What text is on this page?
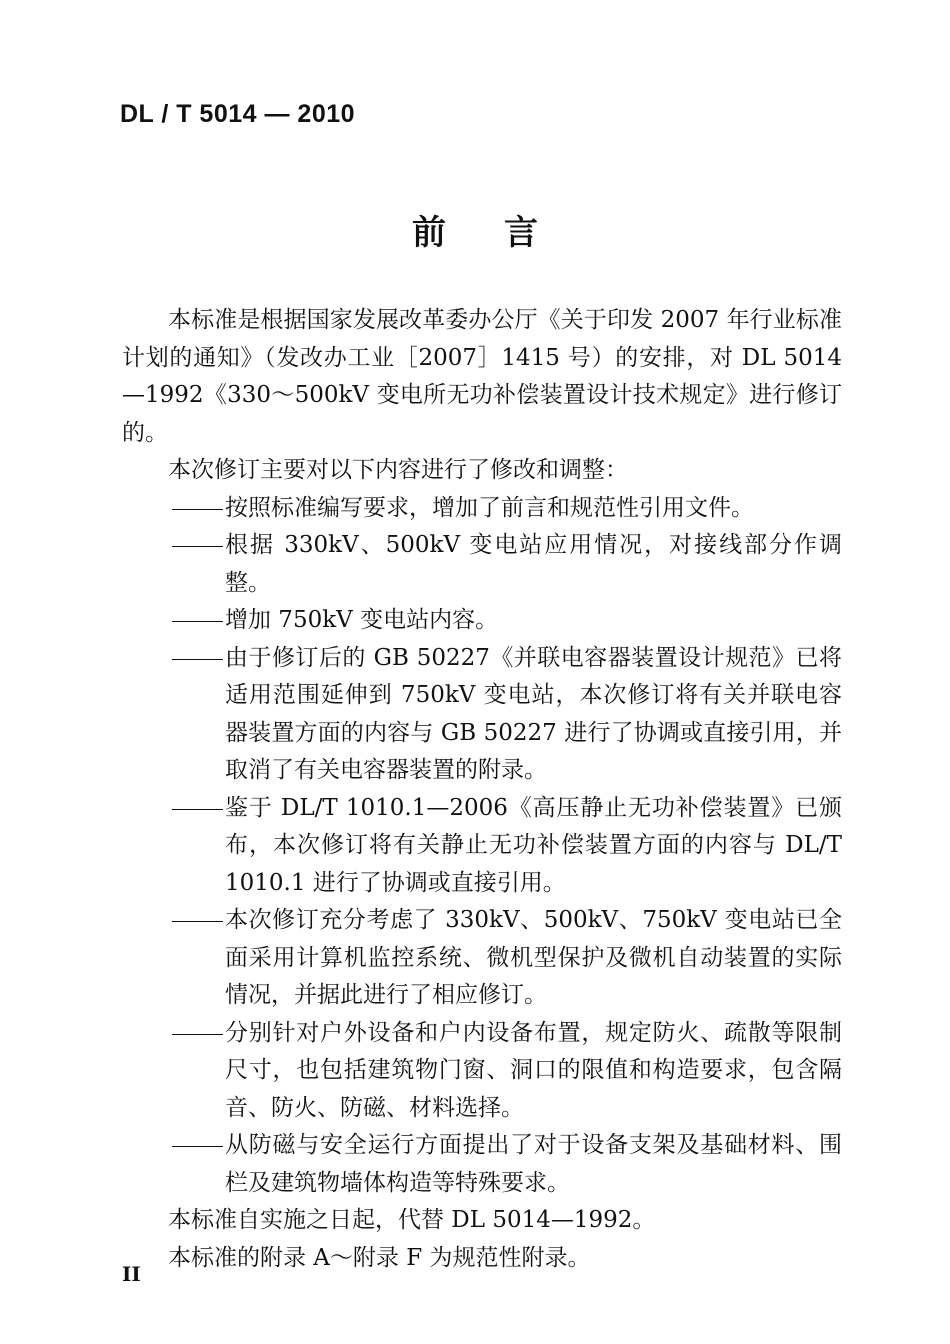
DL / T 5014 — 2010
前 言

本标准是根据国家发展改革委办公厅《关于印发 2007 年行业标准计划的通知》（发改办工业［2007］1415 号）的安排，对 DL 5014—1992《330～500kV 变电所无功补偿装置设计技术规定》进行修订的。

本次修订主要对以下内容进行了修改和调整：

按照标准编写要求，增加了前言和规范性引用文件。
根据 330kV、500kV 变电站应用情况，对接线部分作调整。
增加 750kV 变电站内容。
由于修订后的 GB 50227《并联电容器装置设计规范》已将适用范围延伸到 750kV 变电站，本次修订将有关并联电容器装置方面的内容与 GB 50227 进行了协调或直接引用，并取消了有关电容器装置的附录。
鉴于 DL/T 1010.1—2006《高压静止无功补偿装置》已颁布，本次修订将有关静止无功补偿装置方面的内容与 DL/T 1010.1 进行了协调或直接引用。
本次修订充分考虑了 330kV、500kV、750kV 变电站已全面采用计算机监控系统、微机型保护及微机自动装置的实际情况，并据此进行了相应修订。
分别针对户外设备和户内设备布置，规定防火、疏散等限制尺寸，也包括建筑物门窗、洞口的限值和构造要求，包含隔音、防火、防磁、材料选择。
从防磁与安全运行方面提出了对于设备支架及基础材料、围栏及建筑物墙体构造等特殊要求。

本标准自实施之日起，代替 DL 5014—1992。

本标准的附录 A～附录 F 为规范性附录。

II
